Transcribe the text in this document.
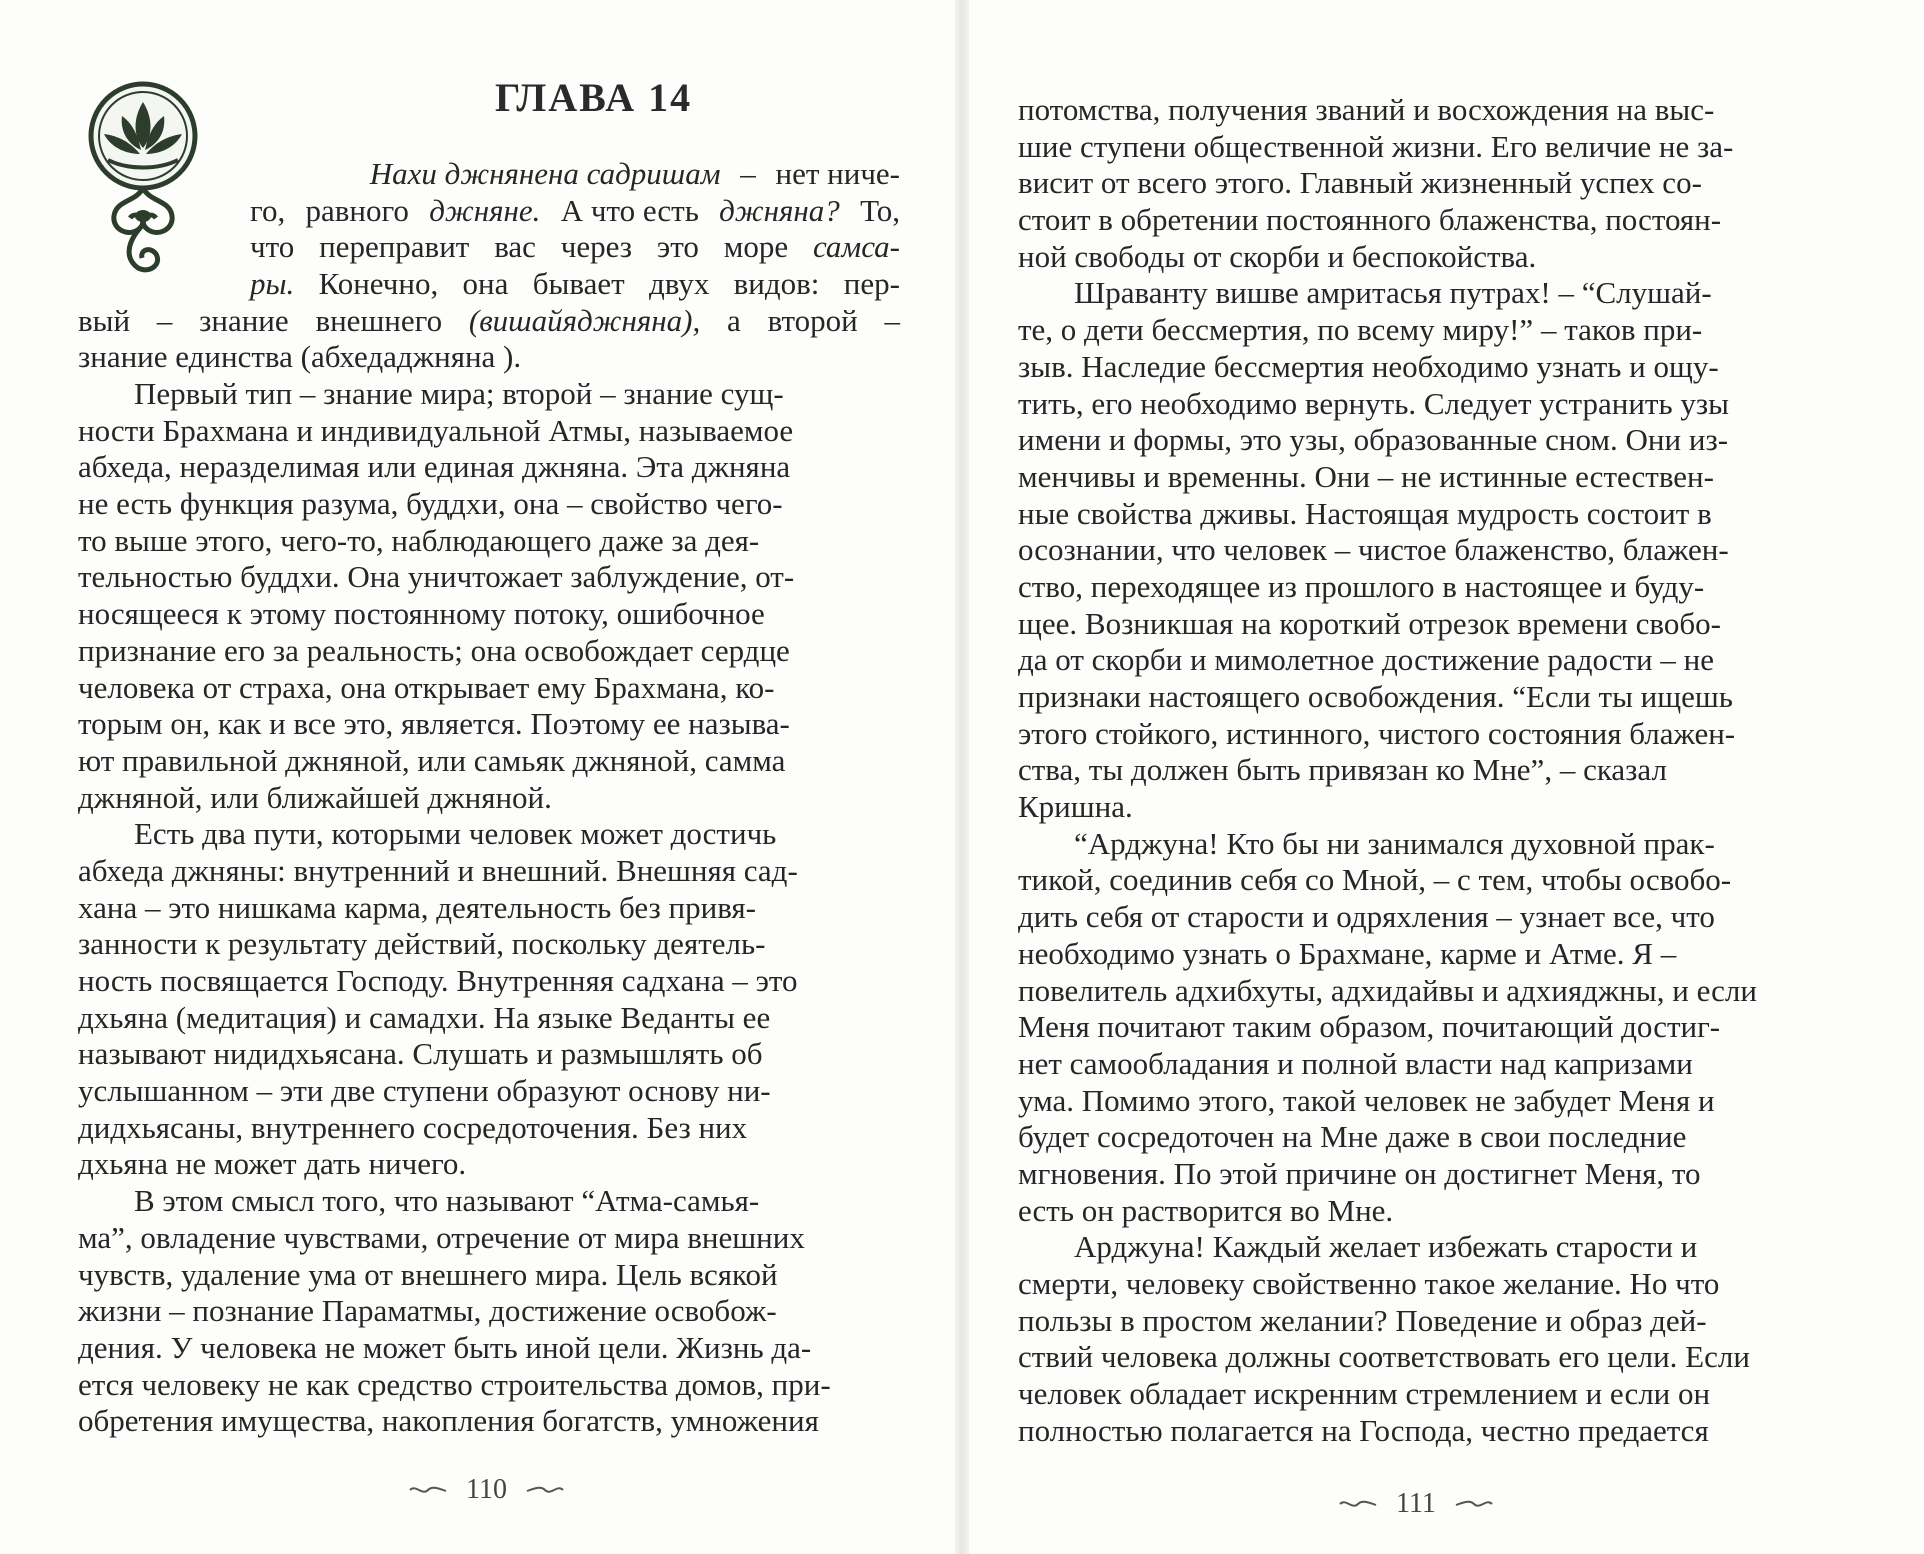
ГЛАВА 14
Нахи джнянена садришам – нет ниче-
го, равного джняне. А что есть джняна? То,
что переправит вас через это море самса-
ры. Конечно, она бывает двух видов: пер-
вый – знание внешнего (вишайяджняна), а второй –
знание единства (абхедаджняна ).

Первый тип – знание мира; второй – знание сущ-
ности Брахмана и индивидуальной Атмы, называемое
абхеда, неразделимая или единая джняна. Эта джняна
не есть функция разума, буддхи, она – свойство чего-
то выше этого, чего-то, наблюдающего даже за дея-
тельностью буддхи. Она уничтожает заблуждение, от-
носящееся к этому постоянному потоку, ошибочное
признание его за реальность; она освобождает сердце
человека от страха, она открывает ему Брахмана, ко-
торым он, как и все это, является. Поэтому ее называ-
ют правильной джняной, или самьяк джняной, самма
джняной, или ближайшей джняной.

Есть два пути, которыми человек может достичь
абхеда джняны: внутренний и внешний. Внешняя сад-
хана – это нишкама карма, деятельность без привя-
занности к результату действий, поскольку деятель-
ность посвящается Господу. Внутренняя садхана – это
дхьяна (медитация) и самадхи. На языке Веданты ее
называют нидидхьясана. Слушать и размышлять об
услышанном – эти две ступени образуют основу ни-
дидхьясаны, внутреннего сосредоточения. Без них
дхьяна не может дать ничего.

В этом смысл того, что называют “Атма-самья-
ма”, овладение чувствами, отречение от мира внешних
чувств, удаление ума от внешнего мира. Цель всякой
жизни – познание Параматмы, достижение освобож-
дения. У человека не может быть иной цели. Жизнь да-
ется человеку не как средство строительства домов, при-
обретения имущества, накопления богатств, умножения

110

потомства, получения званий и восхождения на выс-
шие ступени общественной жизни. Его величие не за-
висит от всего этого. Главный жизненный успех со-
стоит в обретении постоянного блаженства, постоян-
ной свободы от скорби и беспокойства.

Шраванту вишве амритасья путрах! – “Слушай-
те, о дети бессмертия, по всему миру!” – таков при-
зыв. Наследие бессмертия необходимо узнать и ощу-
тить, его необходимо вернуть. Следует устранить узы
имени и формы, это узы, образованные сном. Они из-
менчивы и временны. Они – не истинные естествен-
ные свойства дживы. Настоящая мудрость состоит в
осознании, что человек – чистое блаженство, блажен-
ство, переходящее из прошлого в настоящее и буду-
щее. Возникшая на короткий отрезок времени свобо-
да от скорби и мимолетное достижение радости – не
признаки настоящего освобождения. “Если ты ищешь
этого стойкого, истинного, чистого состояния блажен-
ства, ты должен быть привязан ко Мне”, – сказал
Кришна.

“Арджуна! Кто бы ни занимался духовной прак-
тикой, соединив себя со Мной, – с тем, чтобы освобо-
дить себя от старости и одряхления – узнает все, что
необходимо узнать о Брахмане, карме и Атме. Я –
повелитель адхибхуты, адхидайвы и адхияджны, и если
Меня почитают таким образом, почитающий достиг-
нет самообладания и полной власти над капризами
ума. Помимо этого, такой человек не забудет Меня и
будет сосредоточен на Мне даже в свои последние
мгновения. По этой причине он достигнет Меня, то
есть он растворится во Мне.

Арджуна! Каждый желает избежать старости и
смерти, человеку свойственно такое желание. Но что
пользы в простом желании? Поведение и образ дей-
ствий человека должны соответствовать его цели. Если
человек обладает искренним стремлением и если он
полностью полагается на Господа, честно предается

111
